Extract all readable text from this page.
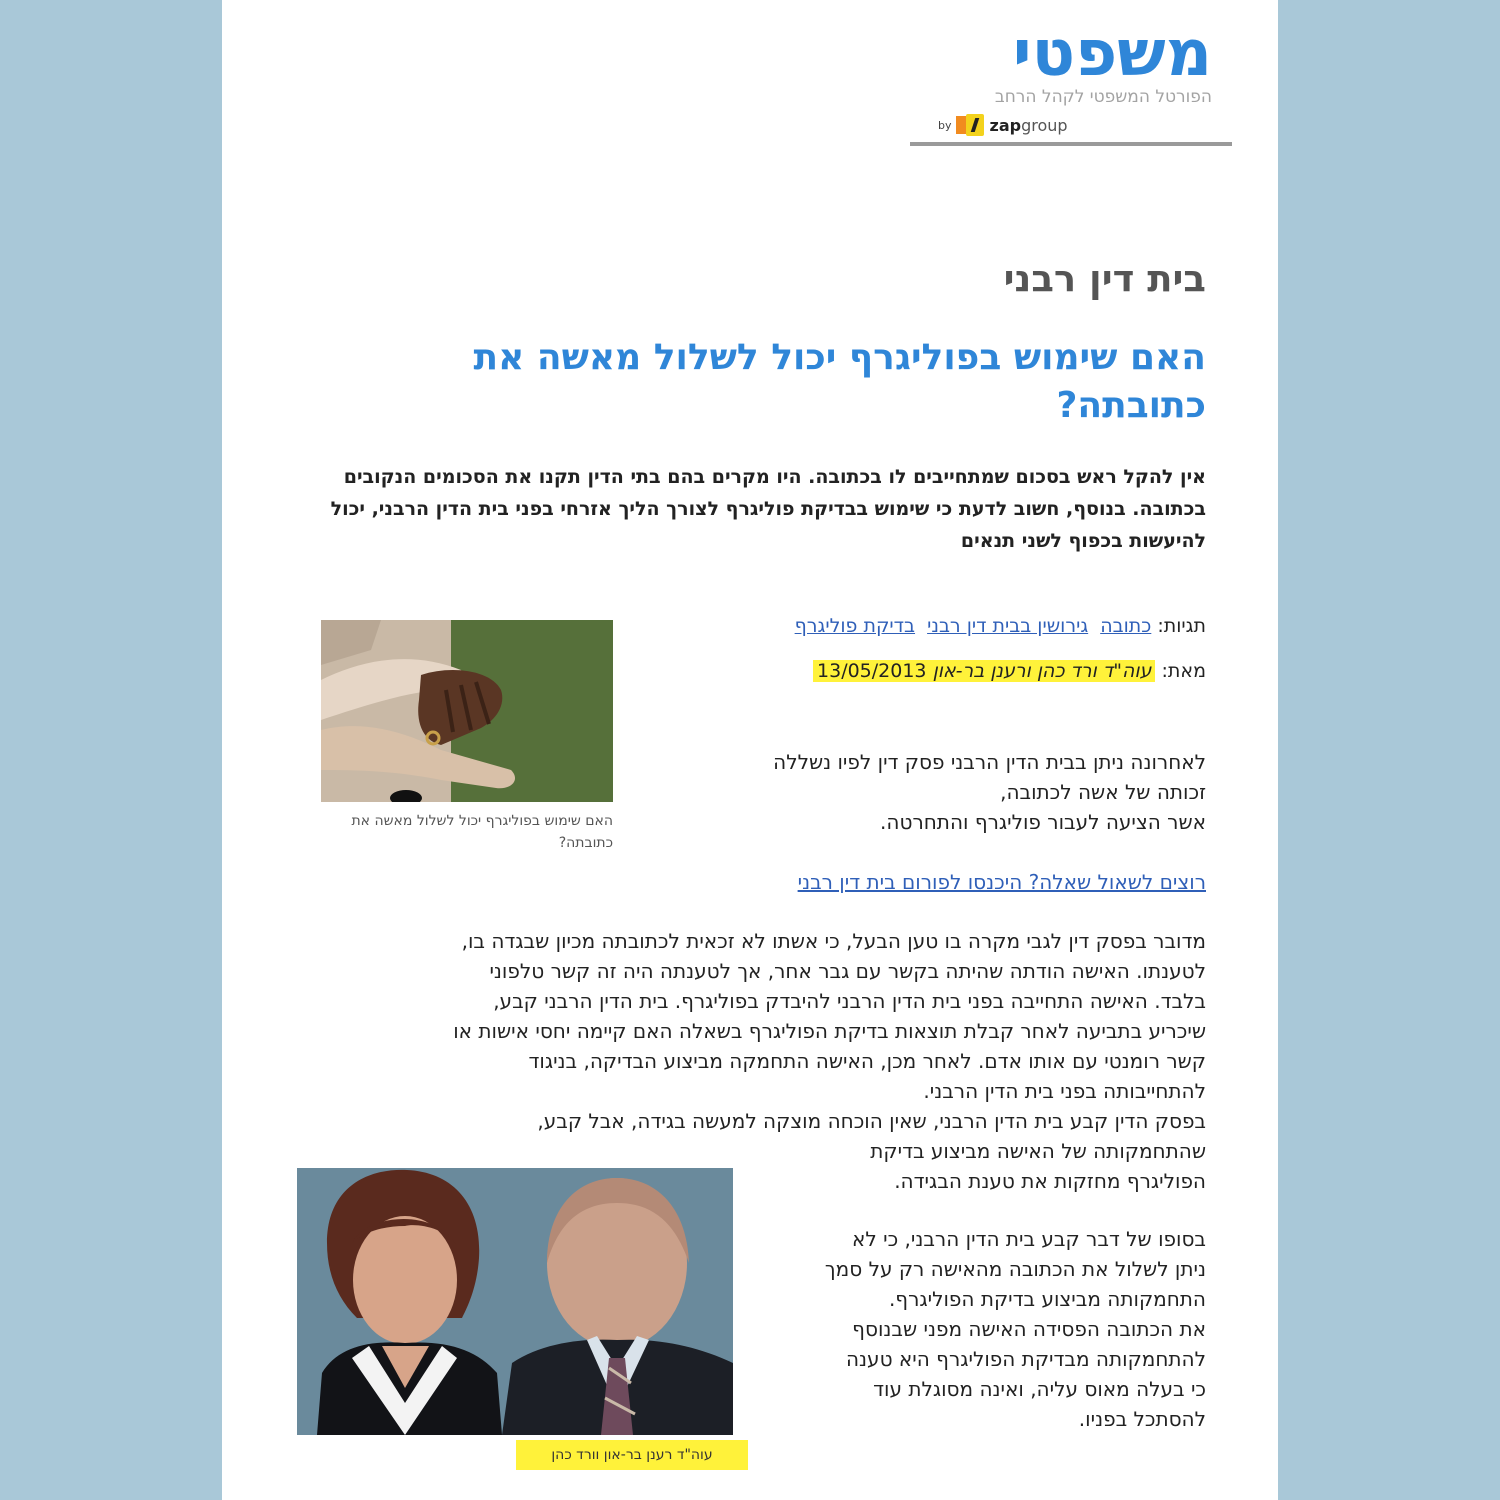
משפטי
הפורטל המשפטי לקהל הרחב
by zapgroup
בית דין רבני
האם שימוש בפוליגרף יכול לשלול מאשה את כתובתה?
אין להקל ראש בסכום שמתחייבים לו בכתובה. היו מקרים בהם בתי הדין תקנו את הסכומים הנקובים בכתובה. בנוסף, חשוב לדעת כי שימוש בבדיקת פוליגרף לצורך הליך אזרחי בפני בית הדין הרבני, יכול להיעשות בכפוף לשני תנאים
תגיות: כתובה גירושין בבית דין רבני בדיקת פוליגרף
מאת: עוה"ד ורד כהן ורענן בר-און 13/05/2013
האם שימוש בפוליגרף יכול לשלול מאשה את כתובתה?
לאחרונה ניתן בבית הדין הרבני פסק דין לפיו נשללה
זכותה של אשה לכתובה,
אשר הציעה לעבור פוליגרף והתחרטה.
רוצים לשאול שאלה? היכנסו לפורום בית דין רבני
מדובר בפסק דין לגבי מקרה בו טען הבעל, כי אשתו לא זכאית לכתובתה מכיון שבגדה בו,
לטענתו. האישה הודתה שהיתה בקשר עם גבר אחר, אך לטענתה היה זה קשר טלפוני
בלבד. האישה התחייבה בפני בית הדין הרבני להיבדק בפוליגרף. בית הדין הרבני קבע,
שיכריע בתביעה לאחר קבלת תוצאות בדיקת הפוליגרף בשאלה האם קיימה יחסי אישות או
קשר רומנטי עם אותו אדם. לאחר מכן, האישה התחמקה מביצוע הבדיקה, בניגוד
להתחייבותה בפני בית הדין הרבני.
בפסק הדין קבע בית הדין הרבני, שאין הוכחה מוצקה למעשה בגידה, אבל קבע,
שהתחמקותה של האישה מביצוע בדיקת
הפוליגרף מחזקות את טענת הבגידה.
עוה"ד רענן בר-און וורד כהן
בסופו של דבר קבע בית הדין הרבני, כי לא
ניתן לשלול את הכתובה מהאישה רק על סמך
התחמקותה מביצוע בדיקת הפוליגרף.
את הכתובה הפסידה האישה מפני שבנוסף
להתחמקותה מבדיקת הפוליגרף היא טענה
כי בעלה מאוס עליה, ואינה מסוגלת עוד
להסתכל בפניו.
